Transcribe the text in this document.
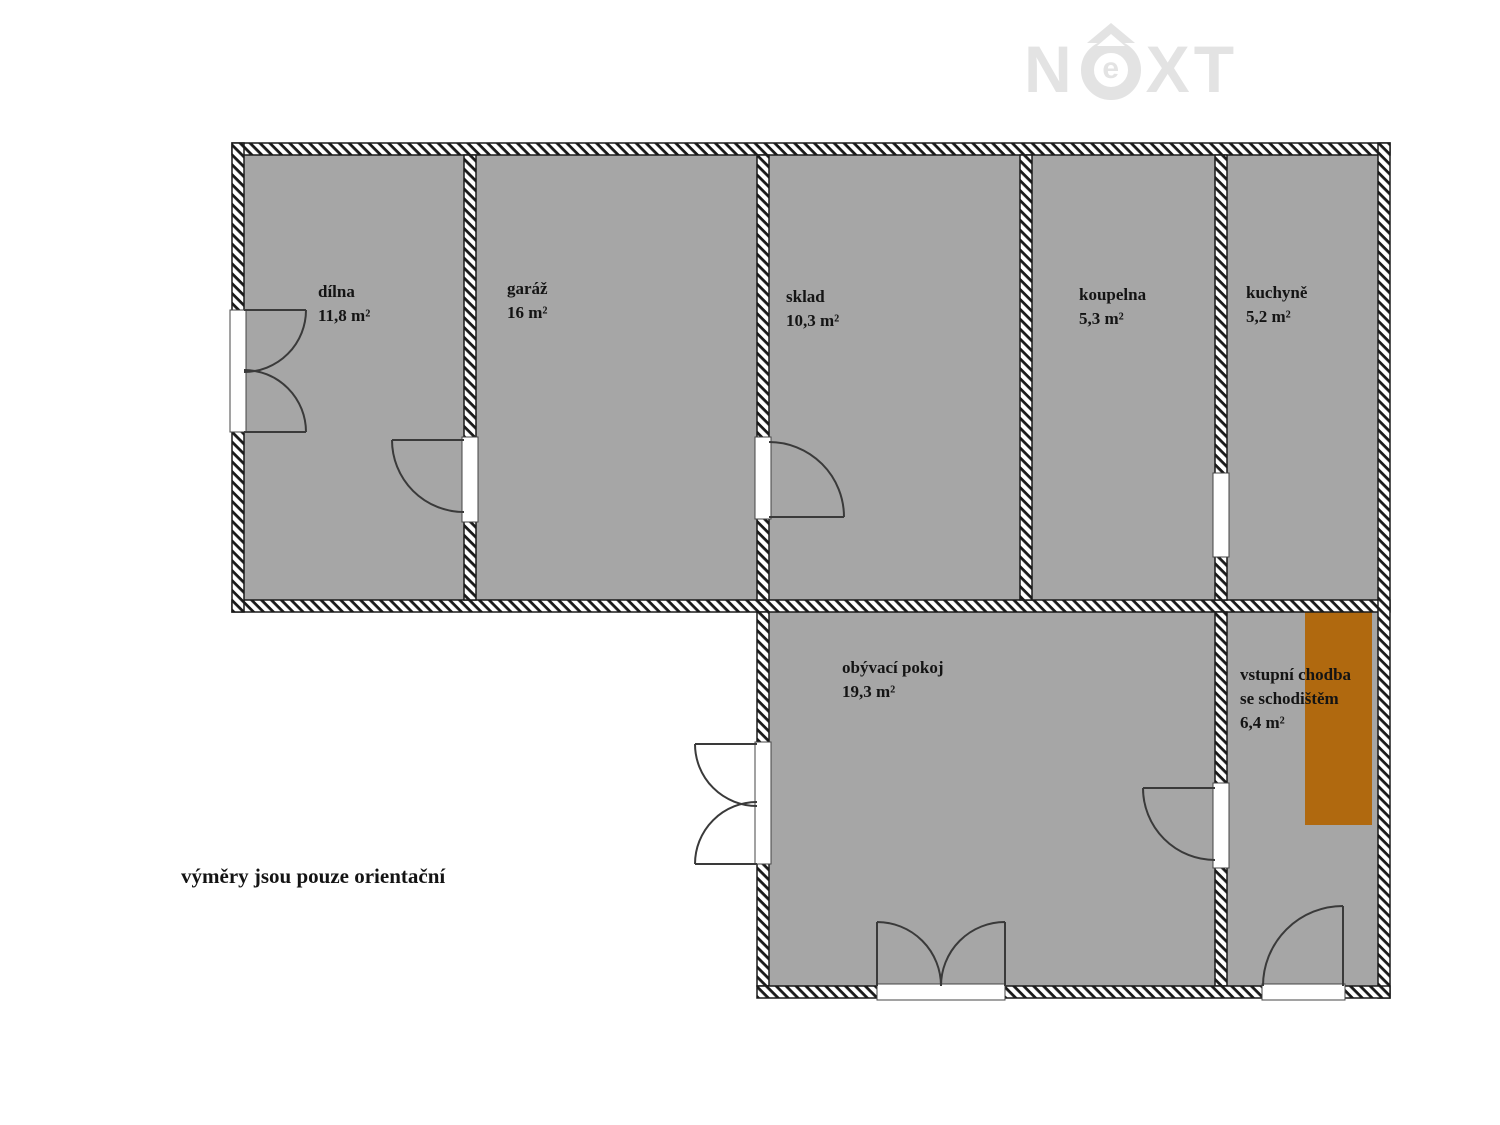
dílna
11,8 m²
garáž
16 m²
sklad
10,3 m²
koupelna
5,3 m²
kuchyně
5,2 m²
obývací pokoj
19,3 m²
vstupní chodba
se schodištěm
6,4 m²
výměry jsou pouze orientační
N e XT
